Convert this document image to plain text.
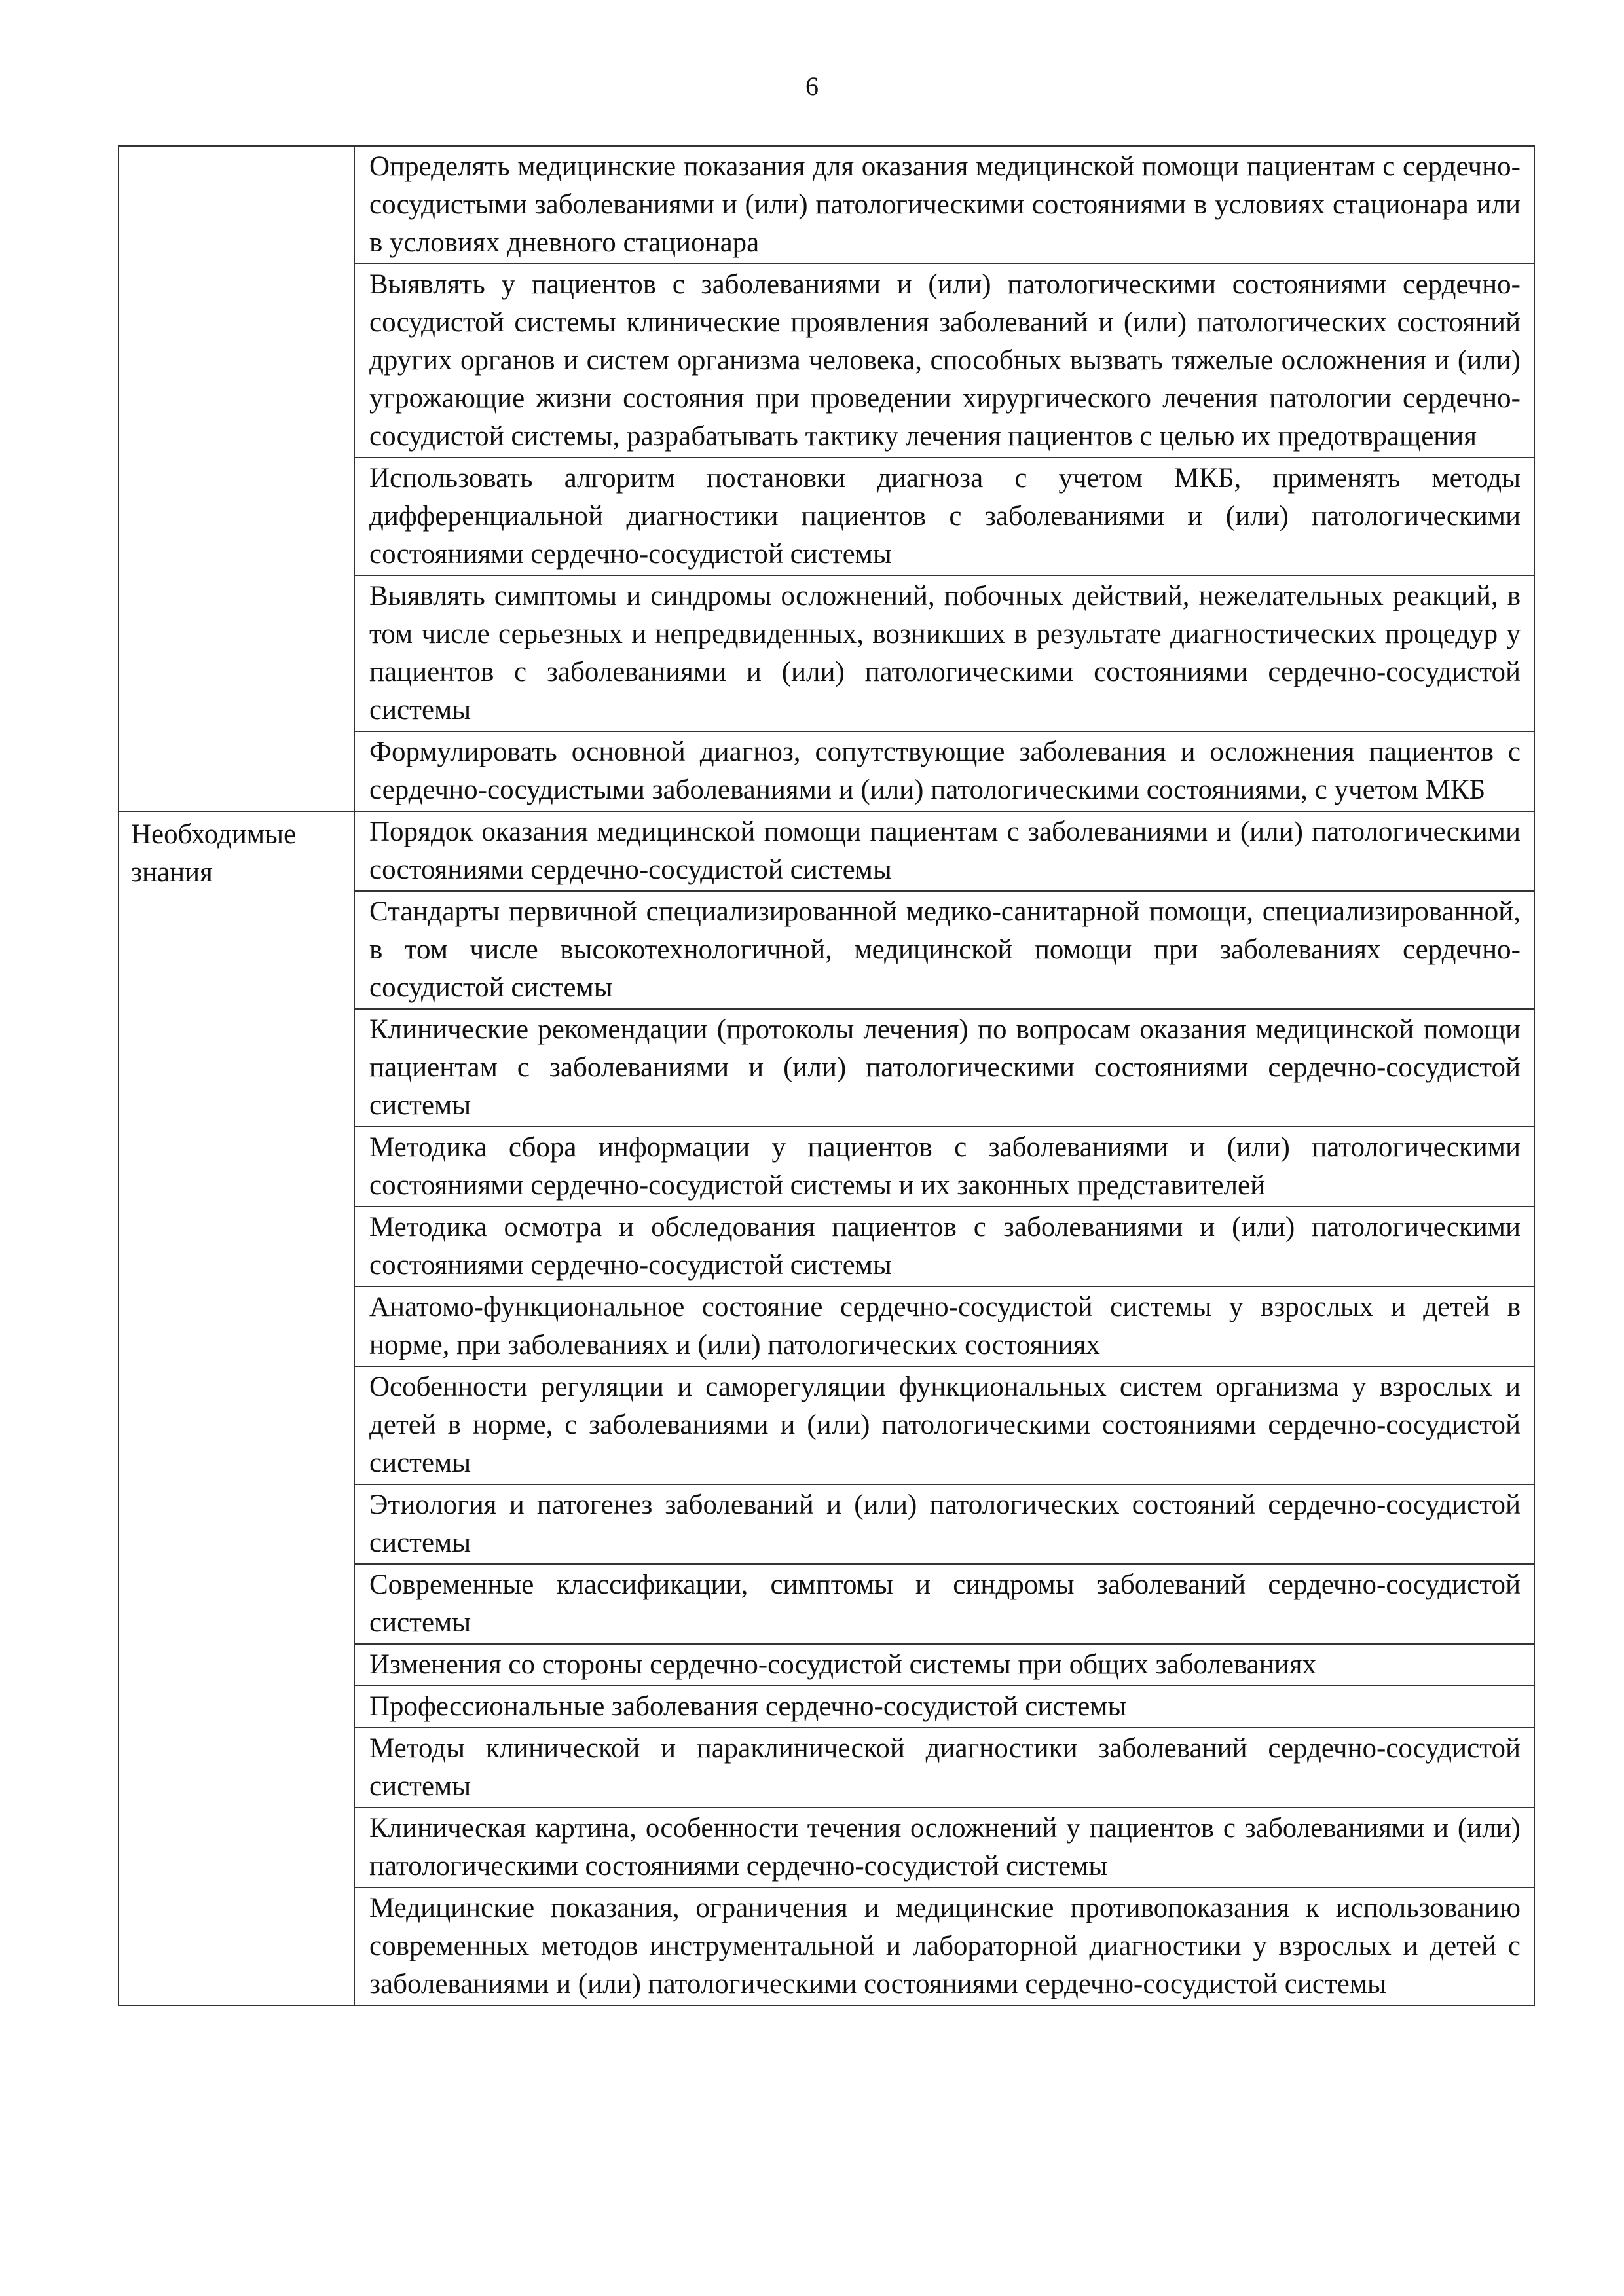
6

	Определять медицинские показания для оказания медицинской помощи пациентам с сердечно-сосудистыми заболеваниями и (или) патологическими состояниями в условиях стационара или в условиях дневного стационара

	Выявлять у пациентов с заболеваниями и (или) патологическими состояниями сердечно-сосудистой системы клинические проявления заболеваний и (или) патологических состояний других органов и систем организма человека, способных вызвать тяжелые осложнения и (или) угрожающие жизни состояния при проведении хирургического лечения патологии сердечно-сосудистой системы, разрабатывать тактику лечения пациентов с целью их предотвращения

	Использовать алгоритм постановки диагноза с учетом МКБ, применять методы дифференциальной диагностики пациентов с заболеваниями и (или) патологическими состояниями сердечно-сосудистой системы

	Выявлять симптомы и синдромы осложнений, побочных действий, нежелательных реакций, в том числе серьезных и непредвиденных, возникших в результате диагностических процедур у пациентов с заболеваниями и (или) патологическими состояниями сердечно-сосудистой системы

	Формулировать основной диагноз, сопутствующие заболевания и осложнения пациентов с сердечно-сосудистыми заболеваниями и (или) патологическими состояниями, с учетом МКБ

Необходимые знания	Порядок оказания медицинской помощи пациентам с заболеваниями и (или) патологическими состояниями сердечно-сосудистой системы

	Стандарты первичной специализированной медико-санитарной помощи, специализированной, в том числе высокотехнологичной, медицинской помощи при заболеваниях сердечно-сосудистой системы

	Клинические рекомендации (протоколы лечения) по вопросам оказания медицинской помощи пациентам с заболеваниями и (или) патологическими состояниями сердечно-сосудистой системы

	Методика сбора информации у пациентов с заболеваниями и (или) патологическими состояниями сердечно-сосудистой системы и их законных представителей

	Методика осмотра и обследования пациентов с заболеваниями и (или) патологическими состояниями сердечно-сосудистой системы

	Анатомо-функциональное состояние сердечно-сосудистой системы у взрослых и детей в норме, при заболеваниях и (или) патологических состояниях

	Особенности регуляции и саморегуляции функциональных систем организма у взрослых и детей в норме, с заболеваниями и (или) патологическими состояниями сердечно-сосудистой системы

	Этиология и патогенез заболеваний и (или) патологических состояний сердечно-сосудистой системы

	Современные классификации, симптомы и синдромы заболеваний сердечно-сосудистой системы

	Изменения со стороны сердечно-сосудистой системы при общих заболеваниях

	Профессиональные заболевания сердечно-сосудистой системы

	Методы клинической и параклинической диагностики заболеваний сердечно-сосудистой системы

	Клиническая картина, особенности течения осложнений у пациентов с заболеваниями и (или) патологическими состояниями сердечно-сосудистой системы

	Медицинские показания, ограничения и медицинские противопоказания к использованию современных методов инструментальной и лабораторной диагностики у взрослых и детей с заболеваниями и (или) патологическими состояниями сердечно-сосудистой системы
